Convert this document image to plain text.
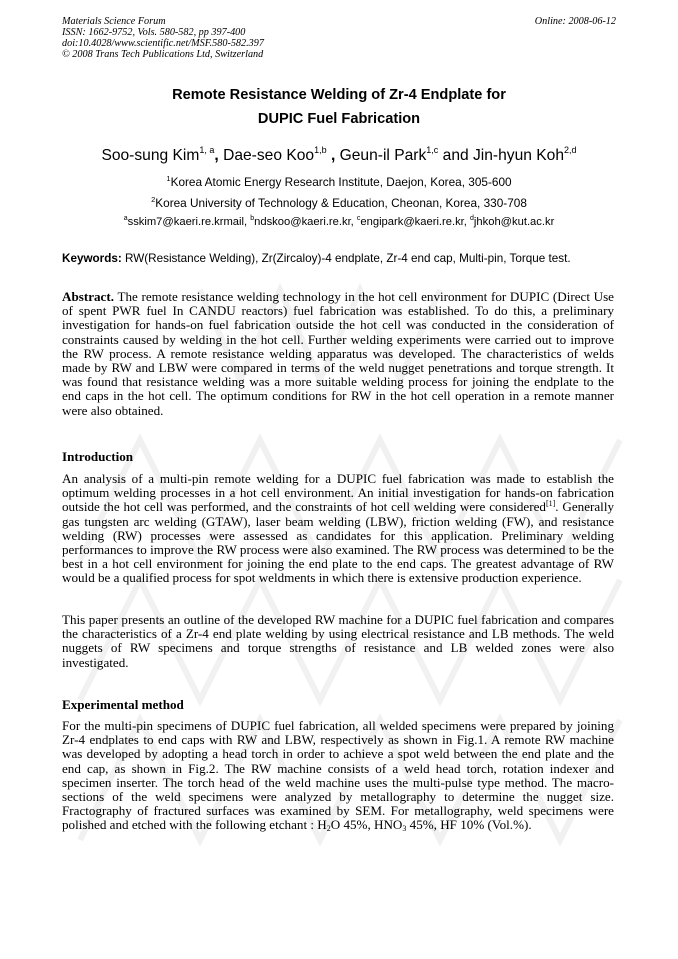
Materials Science Forum
ISSN: 1662-9752, Vols. 580-582, pp 397-400
doi:10.4028/www.scientific.net/MSF.580-582.397
© 2008 Trans Tech Publications Ltd, Switzerland
Online: 2008-06-12
Remote Resistance Welding of Zr-4 Endplate for
DUPIC Fuel Fabrication
Soo-sung Kim$^{1, a}$, Dae-seo Koo$^{1,b}$ , Geun-il Park$^{1,c}$ and Jin-hyun Koh$^{2,d}$
$^1$Korea Atomic Energy Research Institute, Daejon, Korea, 305-600
$^2$Korea University of Technology & Education, Cheonan, Korea, 330-708
$^a$sskim7@kaeri.re.krmail, $^b$ndskoo@kaeri.re.kr, $^c$engipark@kaeri.re.kr, $^d$jhkoh@kut.ac.kr
Keywords: RW(Resistance Welding), Zr(Zircaloy)-4 endplate, Zr-4 end cap, Multi-pin, Torque test.
Abstract. The remote resistance welding technology in the hot cell environment for DUPIC (Direct Use of spent PWR fuel In CANDU reactors) fuel fabrication was established. To do this, a preliminary investigation for hands-on fuel fabrication outside the hot cell was conducted in the consideration of constraints caused by welding in the hot cell. Further welding experiments were carried out to improve the RW process. A remote resistance welding apparatus was developed. The characteristics of welds made by RW and LBW were compared in terms of the weld nugget penetrations and torque strength. It was found that resistance welding was a more suitable welding process for joining the endplate to the end caps in the hot cell. The optimum conditions for RW in the hot cell operation in a remote manner were also obtained.
Introduction
An analysis of a multi-pin remote welding for a DUPIC fuel fabrication was made to establish the optimum welding processes in a hot cell environment. An initial investigation for hands-on fabrication outside the hot cell was performed, and the constraints of hot cell welding were considered[1]. Generally gas tungsten arc welding (GTAW), laser beam welding (LBW), friction welding (FW), and resistance welding (RW) processes were assessed as candidates for this application. Preliminary welding performances to improve the RW process were also examined. The RW process was determined to be the best in a hot cell environment for joining the end plate to the end caps. The greatest advantage of RW would be a qualified process for spot weldments in which there is extensive production experience.
This paper presents an outline of the developed RW machine for a DUPIC fuel fabrication and compares the characteristics of a Zr-4 end plate welding by using electrical resistance and LB methods. The weld nuggets of RW specimens and torque strengths of resistance and LB welded zones were also investigated.
Experimental method
For the multi-pin specimens of DUPIC fuel fabrication, all welded specimens were prepared by joining Zr-4 endplates to end caps with RW and LBW, respectively as shown in Fig.1. A remote RW machine was developed by adopting a head torch in order to achieve a spot weld between the end plate and the end cap, as shown in Fig.2. The RW machine consists of a weld head torch, rotation indexer and specimen inserter. The torch head of the weld machine uses the multi-pulse type method. The macro-sections of the weld specimens were analyzed by metallography to determine the nugget size. Fractography of fractured surfaces was examined by SEM. For metallography, weld specimens were polished and etched with the following etchant : $H_2O$ 45%, $HNO_3$ 45%, HF 10% (Vol.%).
